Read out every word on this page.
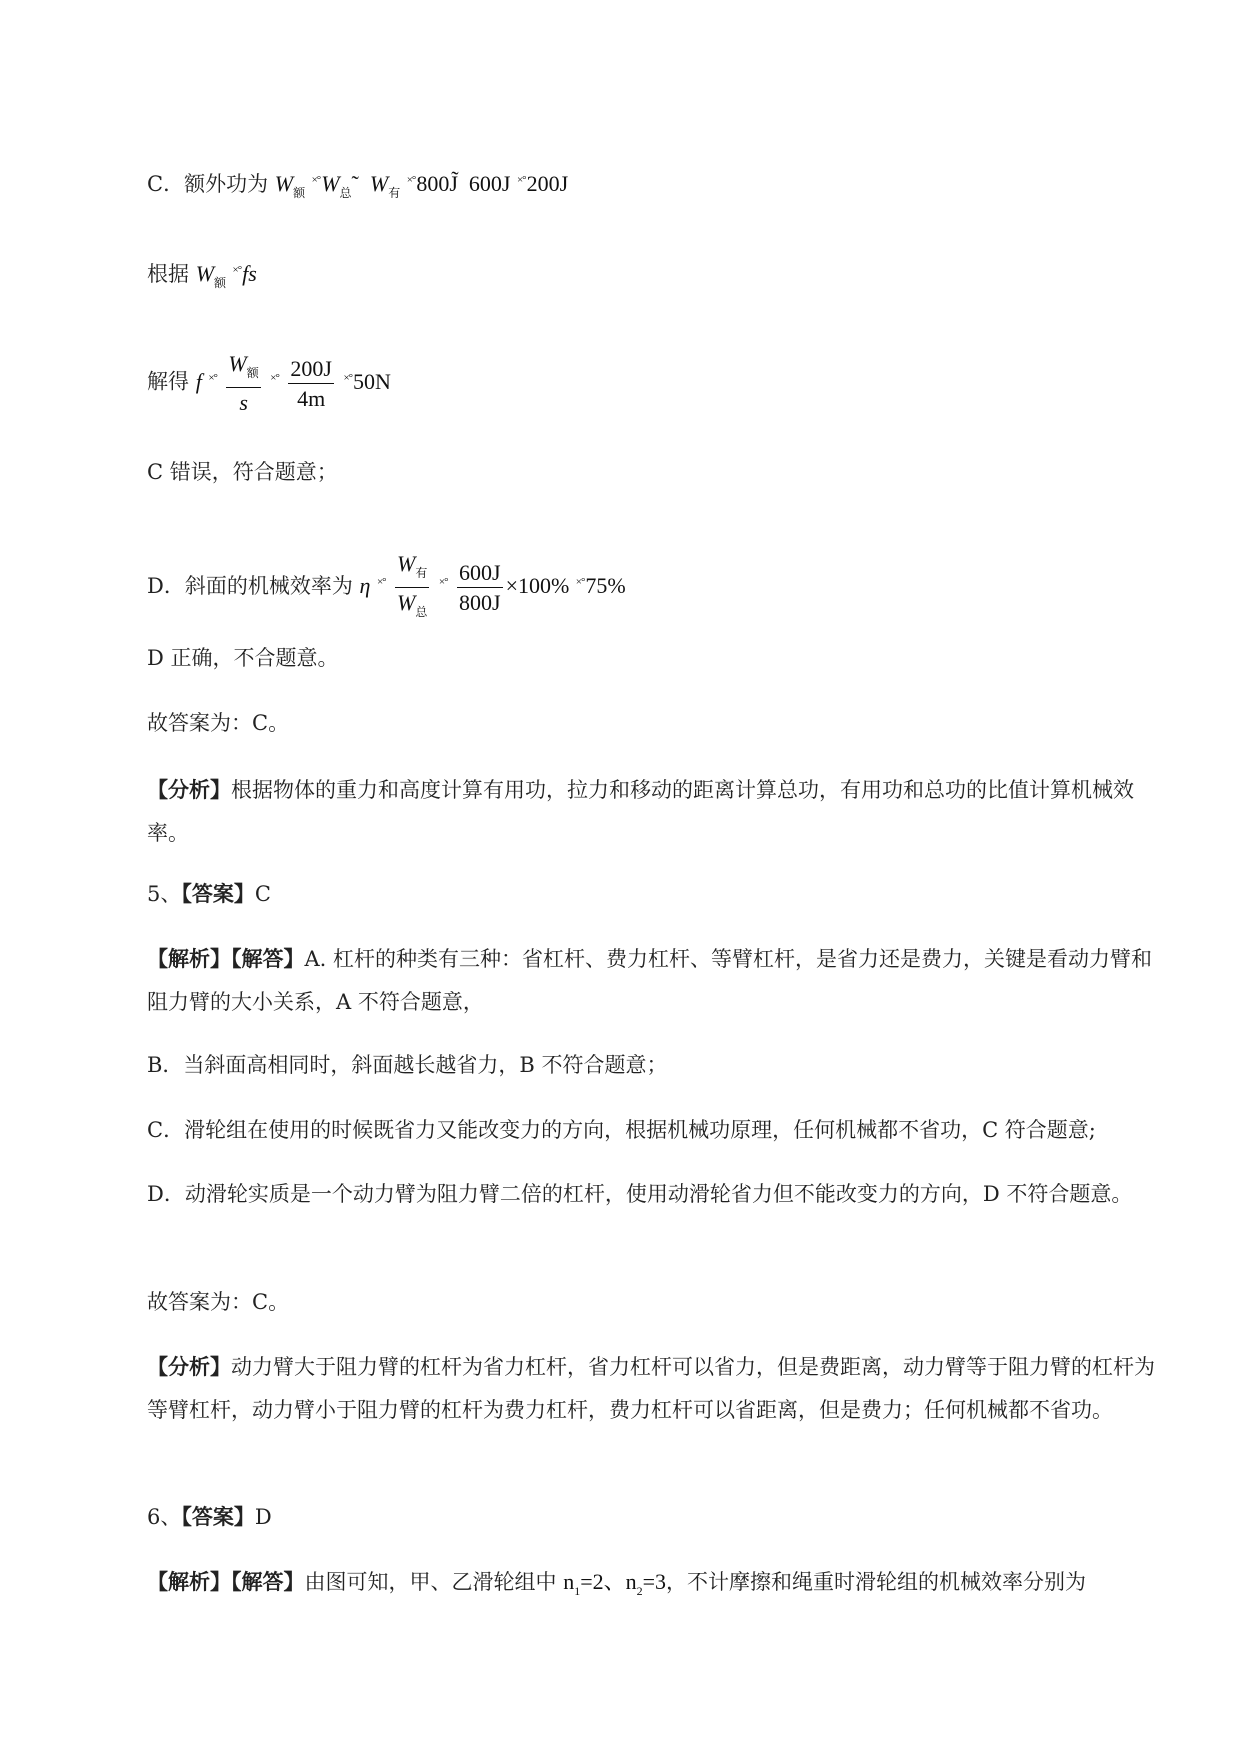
C．额外功为 $W_额$ $^{\times^\circ}W_总˜$ $W_有$ ×°800J̃ 600J ×°200J
根据 $W_额$ ×°fs
解得 f $^{\times^\circ} \frac{W_额}{s} ^{\times^\circ} \frac{200J}{4m} ^{\times^\circ}50N$
C 错误，符合题意；
D．斜面的机械效率为 η $^{\times^\circ} \frac{W_有}{W_总} ^{\times^\circ} \frac{600J}{800J} \times 100\%$ ×°75%
D 正确，不合题意。
故答案为：C。
【分析】根据物体的重力和高度计算有用功，拉力和移动的距离计算总功，有用功和总功的比值计算机械效率。
5、【答案】C
【解析】【解答】A. 杠杆的种类有三种：省杠杆、费力杠杆、等臂杠杆，是省力还是费力，关键是看动力臂和阻力臂的大小关系，A 不符合题意，
B．当斜面高相同时，斜面越长越省力，B 不符合题意；
C．滑轮组在使用的时候既省力又能改变力的方向，根据机械功原理，任何机械都不省功，C 符合题意;
D．动滑轮实质是一个动力臂为阻力臂二倍的杠杆，使用动滑轮省力但不能改变力的方向，D 不符合题意。
故答案为：C。
【分析】动力臂大于阻力臂的杠杆为省力杠杆，省力杠杆可以省力，但是费距离，动力臂等于阻力臂的杠杆为等臂杠杆，动力臂小于阻力臂的杠杆为费力杠杆，费力杠杆可以省距离，但是费力；任何机械都不省功。
6、【答案】D
【解析】【解答】由图可知，甲、乙滑轮组中 $n_1=2$、$n_2=3$，不计摩擦和绳重时滑轮组的机械效率分别为
